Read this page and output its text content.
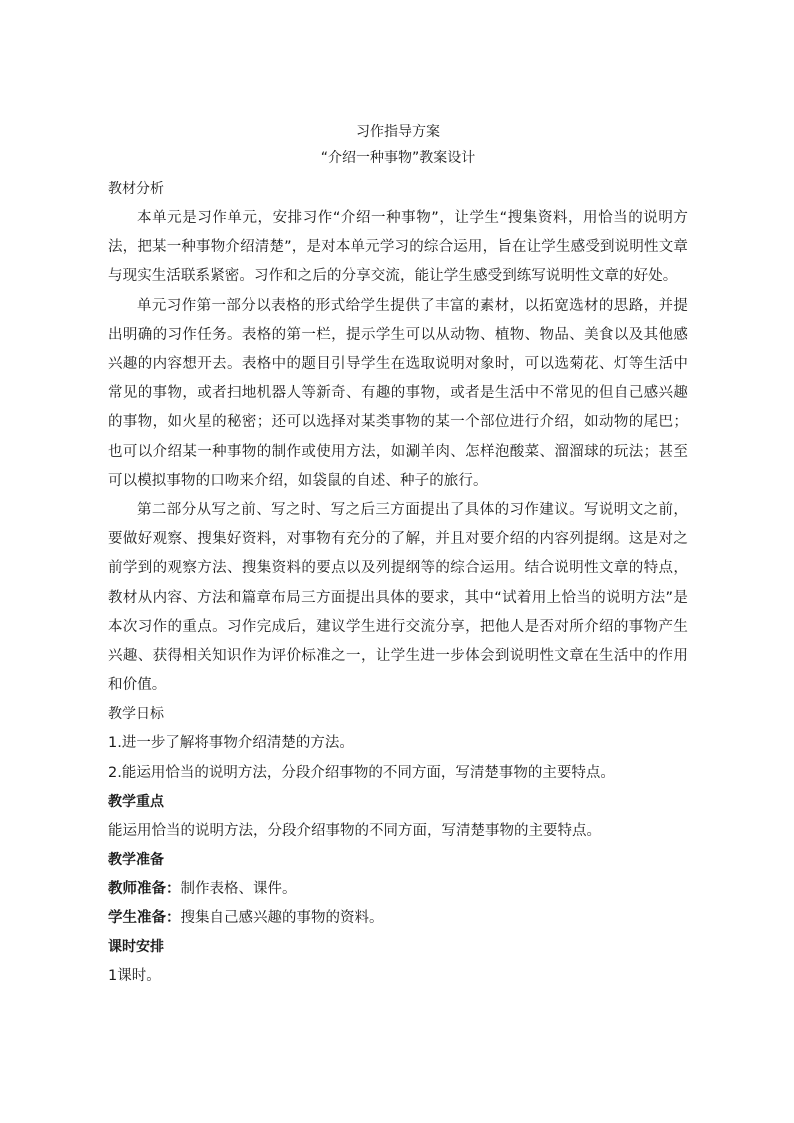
习作指导方案

“介绍一种事物”教案设计

教材分析

本单元是习作单元，安排习作“介绍一种事物”，让学生“搜集资料，用恰当的说明方法，把某一种事物介绍清楚”，是对本单元学习的综合运用，旨在让学生感受到说明性文章与现实生活联系紧密。习作和之后的分享交流，能让学生感受到练写说明性文章的好处。

单元习作第一部分以表格的形式给学生提供了丰富的素材，以拓宽选材的思路，并提出明确的习作任务。表格的第一栏，提示学生可以从动物、植物、物品、美食以及其他感兴趣的内容想开去。表格中的题目引导学生在选取说明对象时，可以选菊花、灯等生活中常见的事物，或者扫地机器人等新奇、有趣的事物，或者是生活中不常见的但自己感兴趣的事物，如火星的秘密；还可以选择对某类事物的某一个部位进行介绍，如动物的尾巴；也可以介绍某一种事物的制作或使用方法，如涮羊肉、怎样泡酸菜、溜溜球的玩法；甚至可以模拟事物的口吻来介绍，如袋鼠的自述、种子的旅行。

第二部分从写之前、写之时、写之后三方面提出了具体的习作建议。写说明文之前，要做好观察、搜集好资料，对事物有充分的了解，并且对要介绍的内容列提纲。这是对之前学到的观察方法、搜集资料的要点以及列提纲等的综合运用。结合说明性文章的特点，教材从内容、方法和篇章布局三方面提出具体的要求，其中“试着用上恰当的说明方法”是本次习作的重点。习作完成后，建议学生进行交流分享，把他人是否对所介绍的事物产生兴趣、获得相关知识作为评价标准之一，让学生进一步体会到说明性文章在生活中的作用和价值。

教学日标

1.进一步了解将事物介绍清楚的方法。

2.能运用恰当的说明方法，分段介绍事物的不同方面，写清楚事物的主要特点。

教学重点

能运用恰当的说明方法，分段介绍事物的不同方面，写清楚事物的主要特点。

教学准备

教师准备：制作表格、课件。

学生准备：搜集自己感兴趣的事物的资料。

课时安排

1课时。
